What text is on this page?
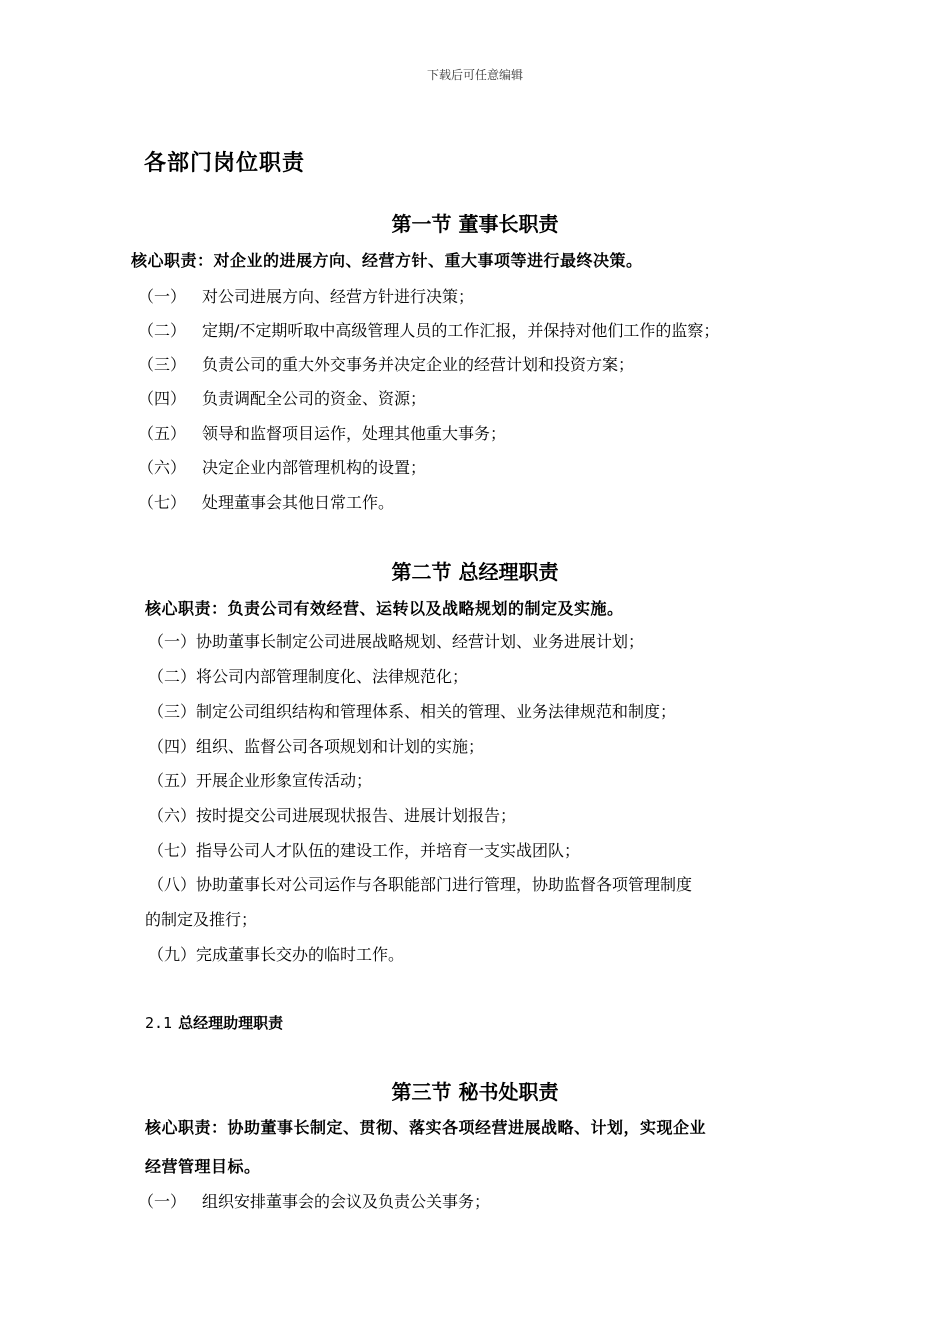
下载后可任意编辑
各部门岗位职责
第一节 董事长职责
核心职责：对企业的进展方向、经营方针、重大事项等进行最终决策。
（一） 对公司进展方向、经营方针进行决策；
（二） 定期/不定期听取中高级管理人员的工作汇报，并保持对他们工作的监察；
（三） 负责公司的重大外交事务并决定企业的经营计划和投资方案；
（四） 负责调配全公司的资金、资源；
（五） 领导和监督项目运作，处理其他重大事务；
（六） 决定企业内部管理机构的设置；
（七） 处理董事会其他日常工作。
第二节 总经理职责
核心职责：负责公司有效经营、运转以及战略规划的制定及实施。
（一）协助董事长制定公司进展战略规划、经营计划、业务进展计划；
（二）将公司内部管理制度化、法律规范化；
（三）制定公司组织结构和管理体系、相关的管理、业务法律规范和制度；
（四）组织、监督公司各项规划和计划的实施；
（五）开展企业形象宣传活动；
（六）按时提交公司进展现状报告、进展计划报告；
（七）指导公司人才队伍的建设工作，并培育一支实战团队；
（八）协助董事长对公司运作与各职能部门进行管理，协助监督各项管理制度
的制定及推行；
（九）完成董事长交办的临时工作。
2.1 总经理助理职责
第三节 秘书处职责
核心职责：协助董事长制定、贯彻、落实各项经营进展战略、计划，实现企业
经营管理目标。
（一） 组织安排董事会的会议及负责公关事务；
